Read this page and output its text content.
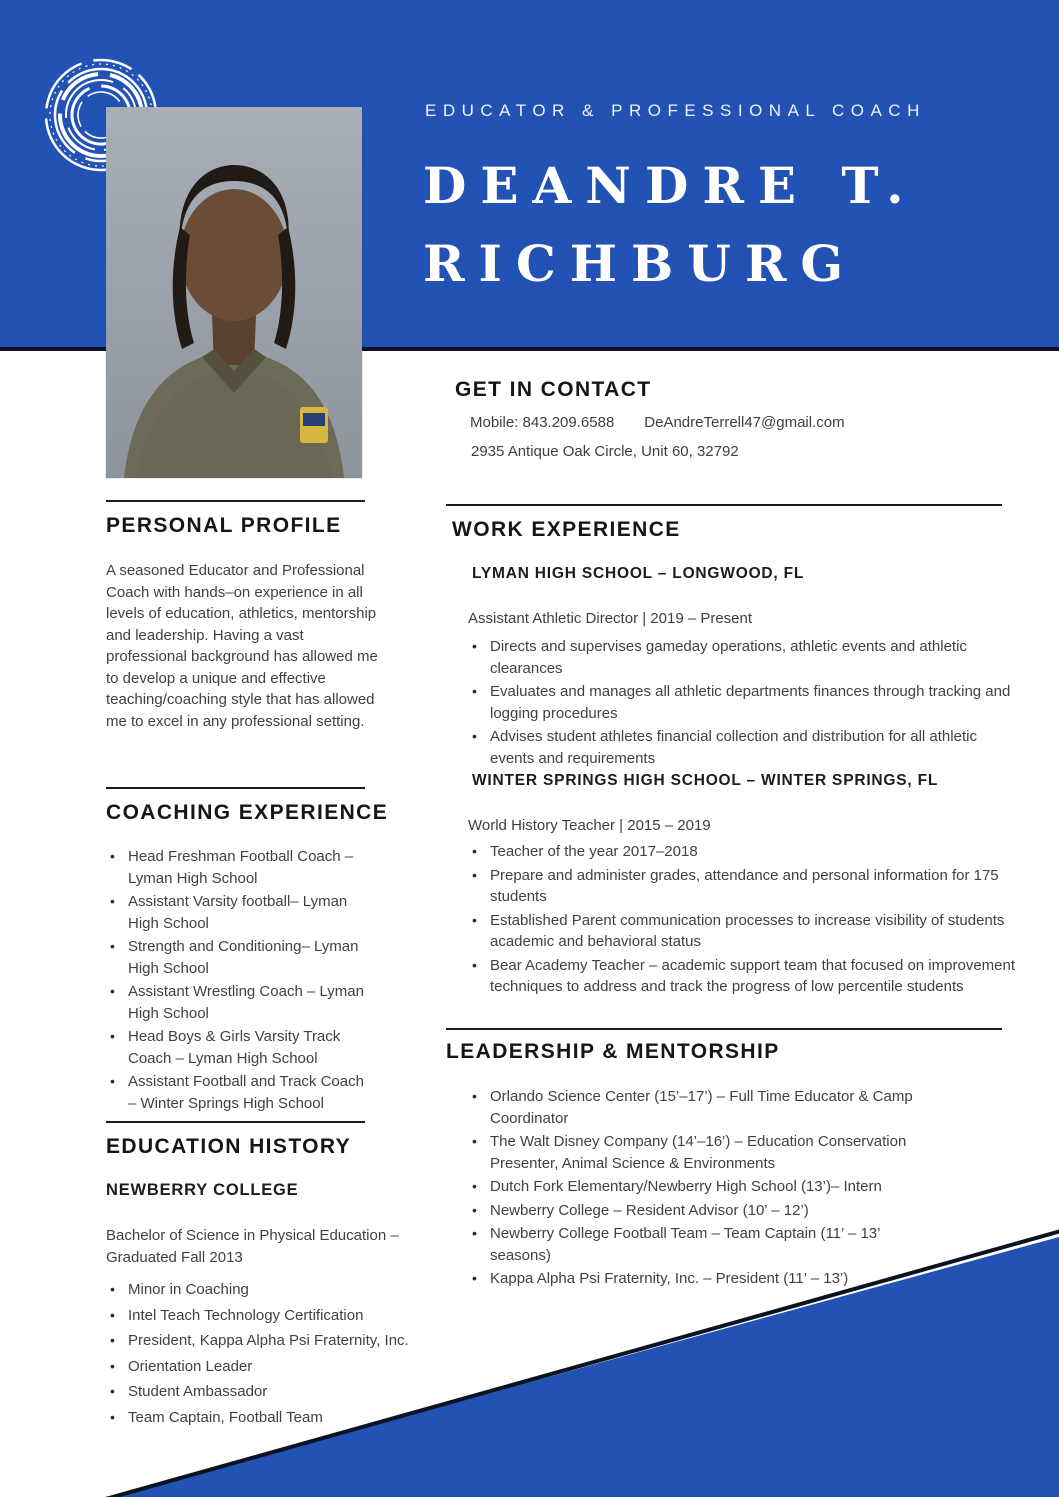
EDUCATOR & PROFESSIONAL COACH

DEANDRE T.
RICHBURG
GET IN CONTACT

Mobile: 843.209.6588 DeAndreTerrell47@gmail.com

2935 Antique Oak Circle, Unit 60, 32792

PERSONAL PROFILE

A seasoned Educator and Professional Coach with hands–on experience in all levels of education, athletics, mentorship and leadership. Having a vast professional background has allowed me to develop a unique and effective teaching/coaching style that has allowed me to excel in any professional setting.

COACHING EXPERIENCE
• Head Freshman Football Coach – Lyman High School
• Assistant Varsity football– Lyman High School
• Strength and Conditioning– Lyman High School
• Assistant Wrestling Coach – Lyman High School
• Head Boys & Girls Varsity Track Coach – Lyman High School
• Assistant Football and Track Coach – Winter Springs High School
EDUCATION HISTORY
NEWBERRY COLLEGE

Bachelor of Science in Physical Education – Graduated Fall 2013

• Minor in Coaching
• Intel Teach Technology Certification
• President, Kappa Alpha Psi Fraternity, Inc.
• Orientation Leader
• Student Ambassador
• Team Captain, Football Team
WORK EXPERIENCE
LYMAN HIGH SCHOOL – LONGWOOD, FL

Assistant Athletic Director | 2019 – Present

• Directs and supervises gameday operations, athletic events and athletic clearances
• Evaluates and manages all athletic departments finances through tracking and logging procedures
• Advises student athletes financial collection and distribution for all athletic events and requirements
WINTER SPRINGS HIGH SCHOOL – WINTER SPRINGS, FL

World History Teacher | 2015 – 2019

• Teacher of the year 2017–2018
• Prepare and administer grades, attendance and personal information for 175 students
• Established Parent communication processes to increase visibility of students academic and behavioral status
• Bear Academy Teacher – academic support team that focused on improvement techniques to address and track the progress of low percentile students
LEADERSHIP & MENTORSHIP
• Orlando Science Center (15’–17’) – Full Time Educator & Camp Coordinator
• The Walt Disney Company (14’–16’) – Education Conservation Presenter, Animal Science & Environments
• Dutch Fork Elementary/Newberry High School (13’)– Intern
• Newberry College – Resident Advisor (10’ – 12’)
• Newberry College Football Team – Team Captain (11’ – 13’ seasons)
• Kappa Alpha Psi Fraternity, Inc. – President (11’ – 13’)
